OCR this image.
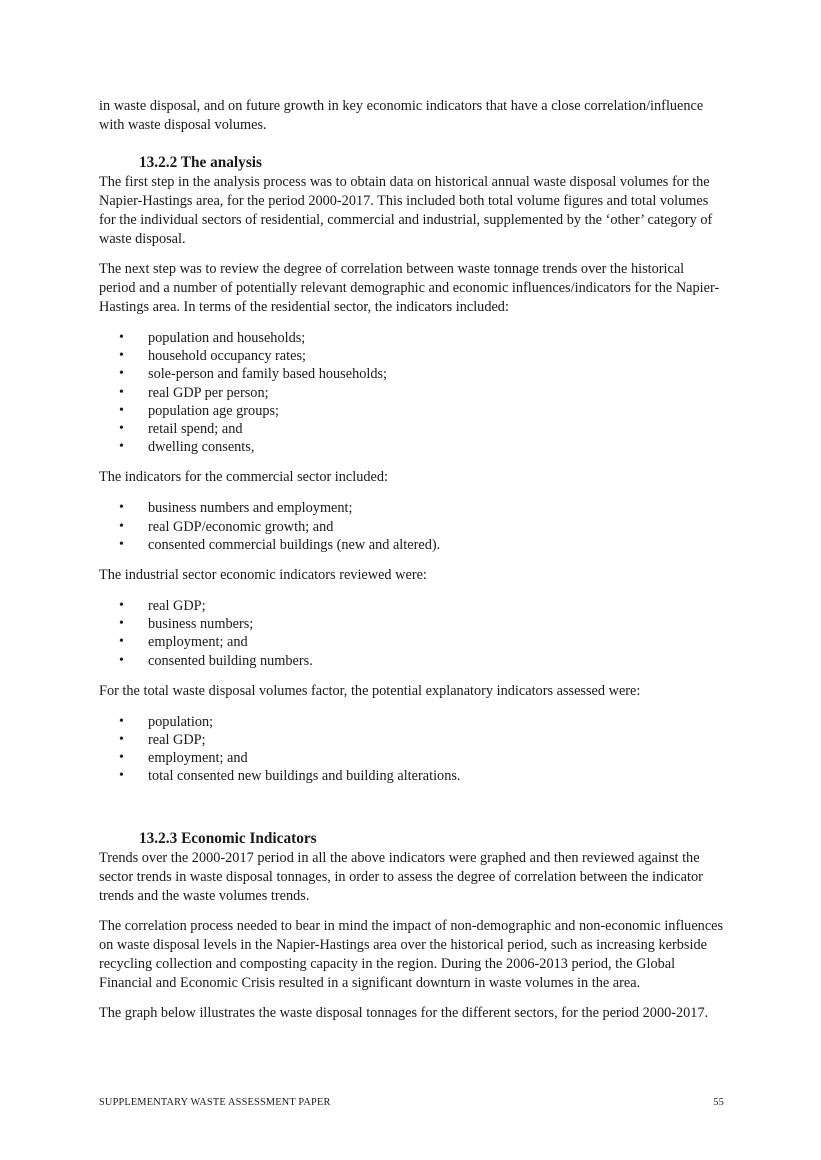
in waste disposal, and on future growth in key economic indicators that have a close correlation/influence with waste disposal volumes.

13.2.2 The analysis

The first step in the analysis process was to obtain data on historical annual waste disposal volumes for the Napier-Hastings area, for the period 2000-2017. This included both total volume figures and total volumes for the individual sectors of residential, commercial and industrial, supplemented by the ‘other’ category of waste disposal.

The next step was to review the degree of correlation between waste tonnage trends over the historical period and a number of potentially relevant demographic and economic influences/indicators for the Napier-Hastings area. In terms of the residential sector, the indicators included:

• population and households;
• household occupancy rates;
• sole-person and family based households;
• real GDP per person;
• population age groups;
• retail spend; and
• dwelling consents,

The indicators for the commercial sector included:

• business numbers and employment;
• real GDP/economic growth; and
• consented commercial buildings (new and altered).

The industrial sector economic indicators reviewed were:

• real GDP;
• business numbers;
• employment; and
• consented building numbers.

For the total waste disposal volumes factor, the potential explanatory indicators assessed were:

• population;
• real GDP;
• employment; and
• total consented new buildings and building alterations.
13.2.3 Economic Indicators

Trends over the 2000-2017 period in all the above indicators were graphed and then reviewed against the sector trends in waste disposal tonnages, in order to assess the degree of correlation between the indicator trends and the waste volumes trends.

The correlation process needed to bear in mind the impact of non-demographic and non-economic influences on waste disposal levels in the Napier-Hastings area over the historical period, such as increasing kerbside recycling collection and composting capacity in the region. During the 2006-2013 period, the Global Financial and Economic Crisis resulted in a significant downturn in waste volumes in the area.

The graph below illustrates the waste disposal tonnages for the different sectors, for the period 2000-2017.

SUPPLEMENTARY WASTE ASSESSMENT PAPER	55
